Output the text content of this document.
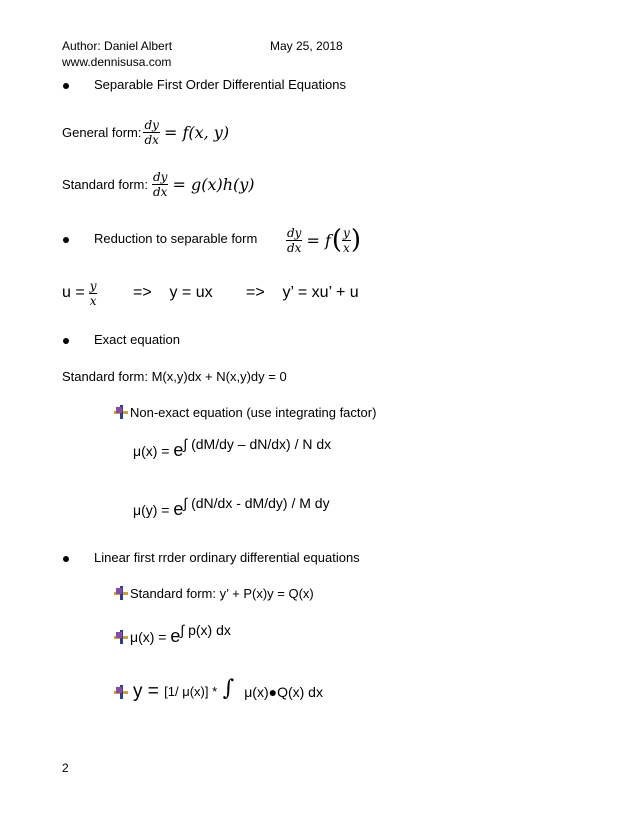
Author: Daniel Albert	May 25, 2018
www.dennisusa.com
Separable First Order Differential Equations
General form: $\frac{dy}{dx} = f(x$, y)
Standard form: $\frac{dy}{dx} = g(x)h(y)$
Reduction to separable form $\frac{dy}{dx} = f$ ( $\frac{y}{x}$ )
$u = \frac{y}{x}$ =>    y = ux =>    y’ = xu’ + u
Exact equation
Standard form: M(x,y)dx + N(x,y)dy = 0
Non-exact equation (use integrating factor)
μ(x) = e∫ (dM/dy – dN/dx) / N dx
μ(y) = e∫ (dN/dx - dM/dy) / M dy
Linear first rrder ordinary differential equations
Standard form: y’ + P(x)y = Q(x)
μ(x) = e∫ p(x) dx
y = [1/ μ(x)] * ∫ μ(x)●Q(x) dx
2
